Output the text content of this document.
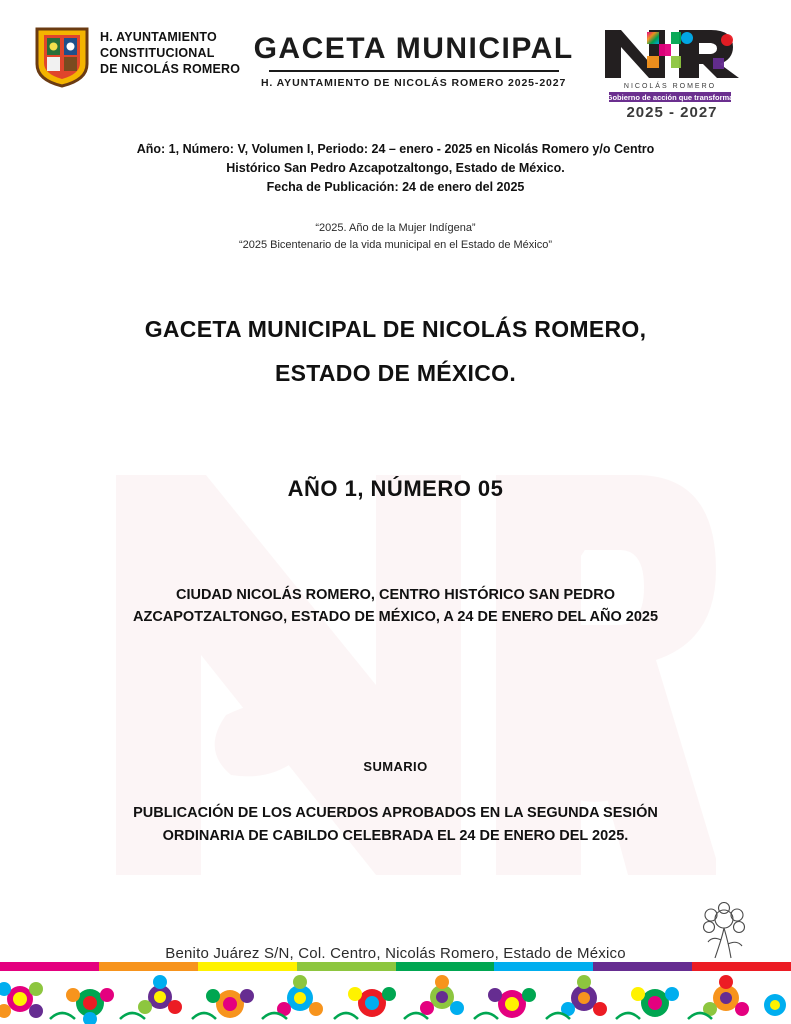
H. AYUNTAMIENTO
CONSTITUCIONAL
DE NICOLÁS ROMERO
GACETA MUNICIPAL
H. AYUNTAMIENTO DE NICOLÁS ROMERO 2025-2027	NICOLÁS ROMERO
Gobierno de acción que transforma
2025 - 2027
Año: 1, Número: V, Volumen I, Periodo: 24 – enero - 2025 en Nicolás Romero y/o Centro
Histórico San Pedro Azcapotzaltongo, Estado de México.
Fecha de Publicación: 24 de enero del 2025
“2025. Año de la Mujer Indígena”
“2025 Bicentenario de la vida municipal en el Estado de México”
GACETA MUNICIPAL DE NICOLÁS ROMERO,
ESTADO DE MÉXICO.
AÑO 1, NÚMERO 05
CIUDAD NICOLÁS ROMERO, CENTRO HISTÓRICO SAN PEDRO
AZCAPOTZALTONGO, ESTADO DE MÉXICO, A 24 DE ENERO DEL AÑO 2025
SUMARIO
PUBLICACIÓN DE LOS ACUERDOS APROBADOS EN LA SEGUNDA SESIÓN
ORDINARIA DE CABILDO CELEBRADA EL 24 DE ENERO DEL 2025.
Benito Juárez S/N, Col. Centro, Nicolás Romero, Estado de México
